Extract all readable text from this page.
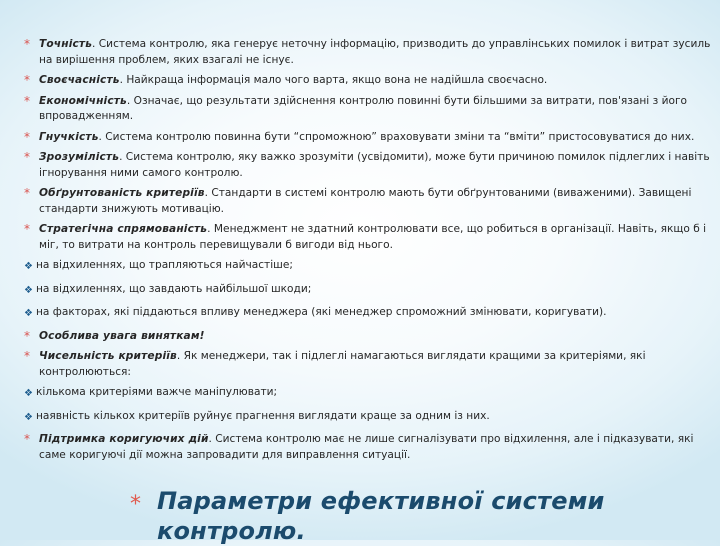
* Точність. Система контролю, яка генерує неточну інформацію, призводить до управлінських помилок і витрат зусиль на вирішення проблем, яких взагалі не існує.
* Своєчасність. Найкраща інформація мало чого варта, якщо вона не надійшла своєчасно.
* Економічність. Означає, що результати здійснення контролю повинні бути більшими за витрати, пов'язані з його впровадженням.
* Гнучкість. Система контролю повинна бути “спроможною” враховувати зміни та “вміти” пристосовуватися до них.
* Зрозумілість. Система контролю, яку важко зрозуміти (усвідомити), може бути причиною помилок підлеглих і навіть ігнорування ними самого контролю.
* Обґрунтованість критеріїв. Стандарти в системі контролю мають бути обґрунтованими (виваженими). Завищені стандарти знижують мотивацію.
* Стратегічна спрямованість. Менеджмент не здатний контролювати все, що робиться в організації. Навіть, якщо б і міг, то витрати на контроль перевищували б вигоди від нього.
❖ на відхиленнях, що трапляються найчастіше;
❖ на відхиленнях, що завдають найбільшої шкоди;
❖ на факторах, які піддаються впливу менеджера (які менеджер спроможний змінювати, коригувати).
* Особлива увага виняткам!
* Чисельність критеріїв. Як менеджери, так і підлеглі намагаються виглядати кращими за критеріями, які контролюються:
❖ кількома критеріями важче маніпулювати;
❖ наявність кількох критеріїв руйнує прагнення виглядати краще за одним із них.
* Підтримка коригуючих дій. Система контролю має не лише сигналізувати про відхилення, але і підказувати, які саме коригуючі дії можна запровадити для виправлення ситуації.
* Параметри ефективної системи контролю.
